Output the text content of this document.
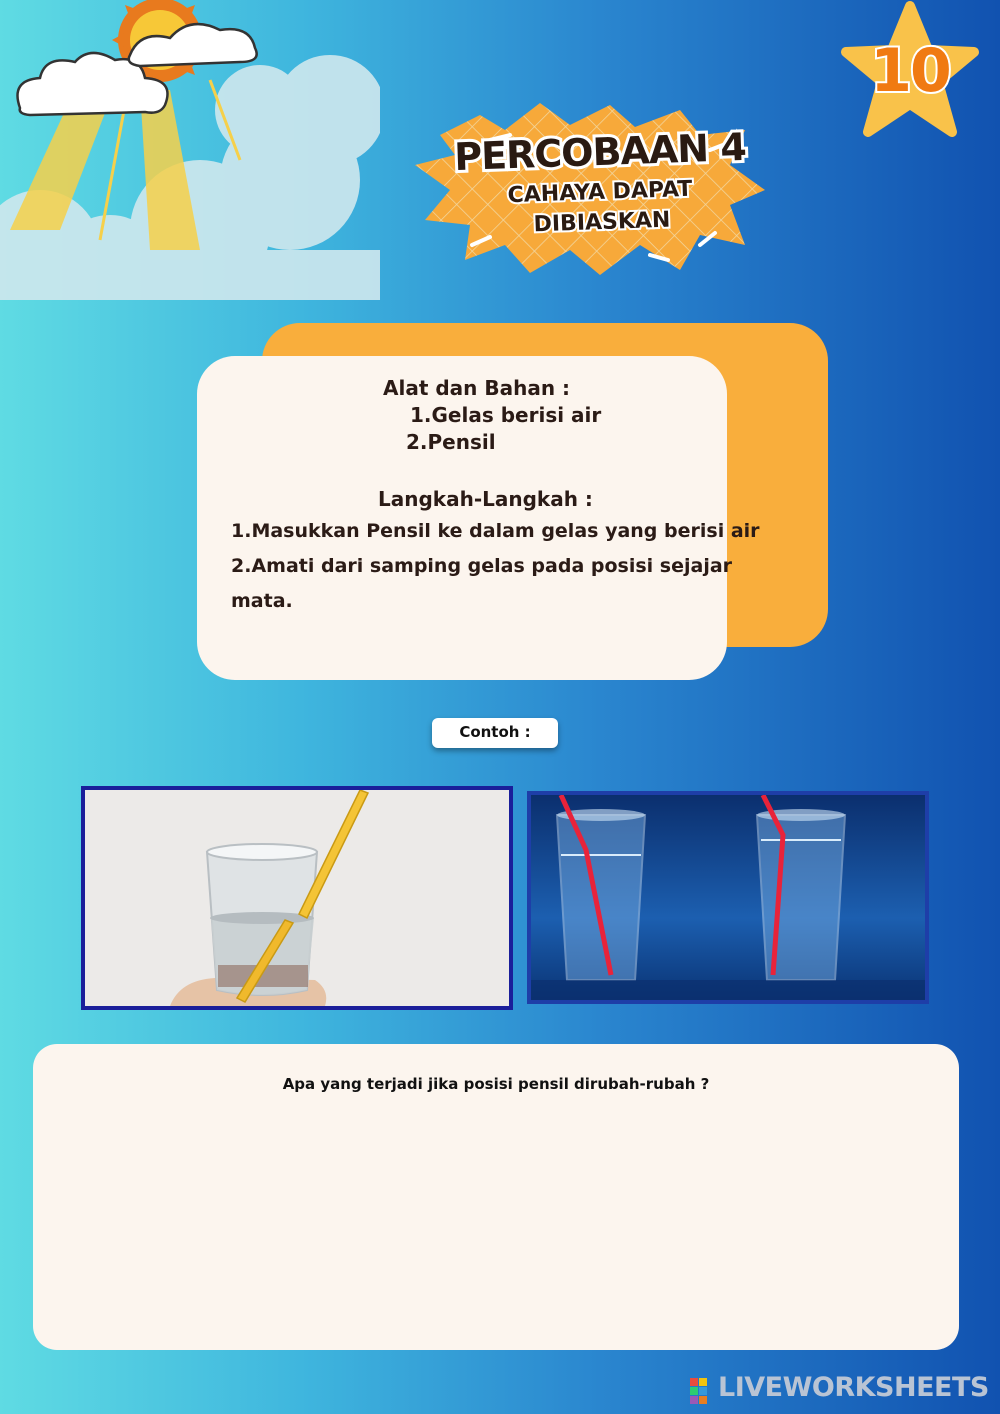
10
PERCOBAAN 4
CAHAYA DAPAT
DIBIASKAN
Alat dan Bahan :
1.Gelas berisi air
2.Pensil
Langkah-Langkah :
1.Masukkan Pensil ke dalam gelas yang berisi air
2.Amati dari samping gelas pada posisi sejajar
mata.
Contoh :
Apa yang terjadi jika posisi pensil dirubah-rubah ?
LIVEWORKSHEETS
